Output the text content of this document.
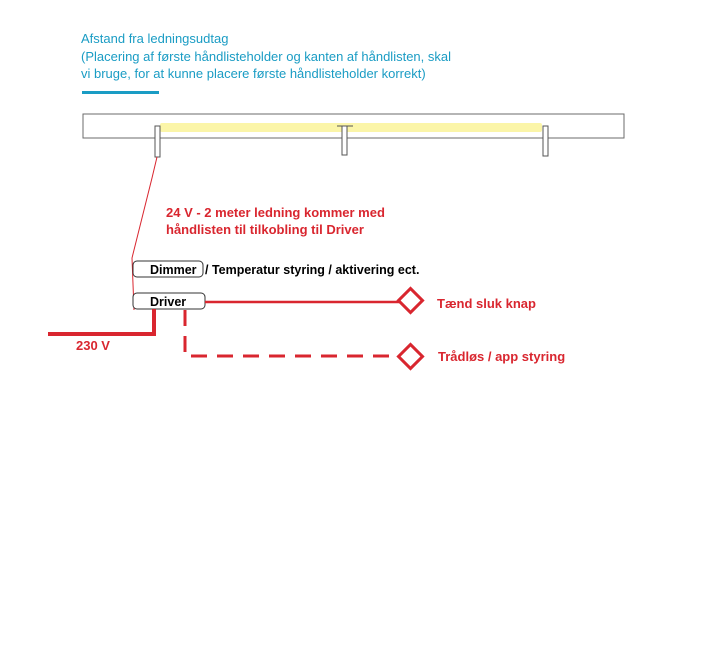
Afstand fra ledningsudtag
(Placering af første håndlisteholder og kanten af håndlisten, skal
vi bruge, for at kunne placere første håndlisteholder korrekt)
24 V - 2 meter ledning kommer med
håndlisten til tilkobling til Driver
Dimmer / Temperatur styring / aktivering ect.
Driver
230 V
Tænd sluk knap
Trådløs / app styring
